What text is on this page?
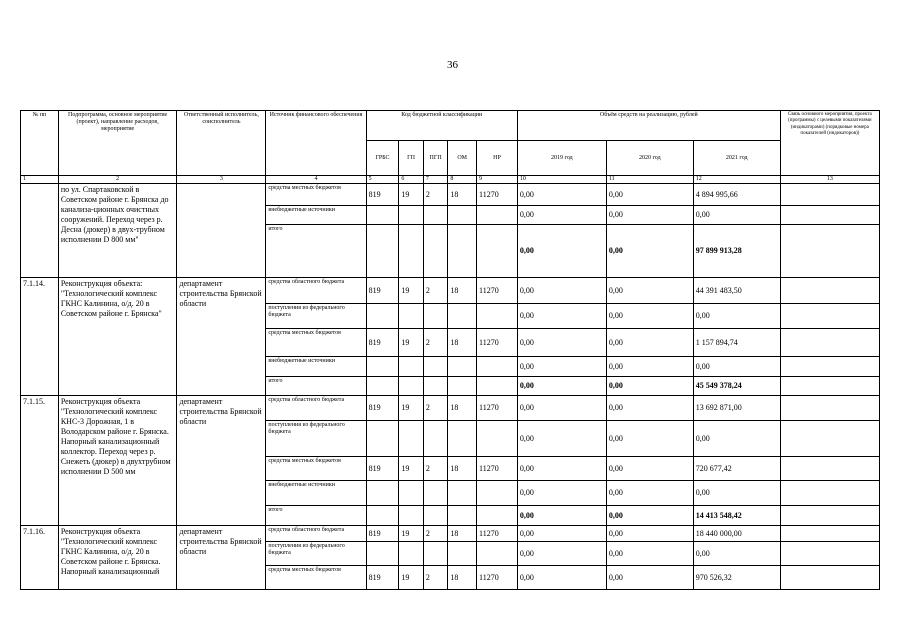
36
№ пп	Подпрограмма, основное мероприятие (проект), направление расходов, мероприятие	Ответственный исполнитель, соисполнитель	Источник финансового обеспечения	Код бюджетной классификации					Объём средств на реализацию, рублей			Связь основного мероприятия, проекта (программы) с целевыми показателями (индикаторами) (порядковые номера показателей (индикаторов))
				ГРБС	ГП	ПГП	ОМ	НР	2019 год	2020 год	2021 год	
1	2	3	4	5	6	7	8	9	10	11	12	13
	по ул. Спартаковской в Советском районе г. Брянска до канализа-ционных очистных сооружений. Переход через р. Десна (дюкер) в двух-трубном исполнении D 800 мм"		средства местных бюджетов	819	19	2	18	11270	0,00	0,00	4 894 995,66	
			внебюджетные источники						0,00	0,00	0,00	
			итого						0,00	0,00	97 899 913,28	
7.1.14.	Реконструкция объекта: "Технологический комплекс ГКНС Калинина, о/д. 20 в Советском районе г. Брянска"	департамент строительства Брянской области	средства областного бюджета	819	19	2	18	11270	0,00	0,00	44 391 483,50	
			поступления из федерального бюджета						0,00	0,00	0,00	
			средства местных бюджетов	819	19	2	18	11270	0,00	0,00	1 157 894,74	
			внебюджетные источники						0,00	0,00	0,00	
			итого						0,00	0,00	45 549 378,24	
7.1.15.	Реконструкция объекта "Технологический комплекс КНС-3 Дорожная, 1 в Володарском районе г. Брянска. Напорный канализационный коллектор. Переход через р. Снежеть (дюкер) в двухтрубном исполнении D 500 мм	департамент строительства Брянской области	средства областного бюджета	819	19	2	18	11270	0,00	0,00	13 692 871,00	
			поступления из федерального бюджета						0,00	0,00	0,00	
			средства местных бюджетов	819	19	2	18	11270	0,00	0,00	720 677,42	
			внебюджетные источники						0,00	0,00	0,00	
			итого						0,00	0,00	14 413 548,42	
7.1.16.	Реконструкция объекта "Технологический комплекс ГКНС Калинина, о/д. 20 в Советском районе г. Брянска. Напорный канализационный	департамент строительства Брянской области	средства областного бюджета	819	19	2	18	11270	0,00	0,00	18 440 000,00	
			поступления из федерального бюджета						0,00	0,00	0,00	
			средства местных бюджетов	819	19	2	18	11270	0,00	0,00	970 526,32	
